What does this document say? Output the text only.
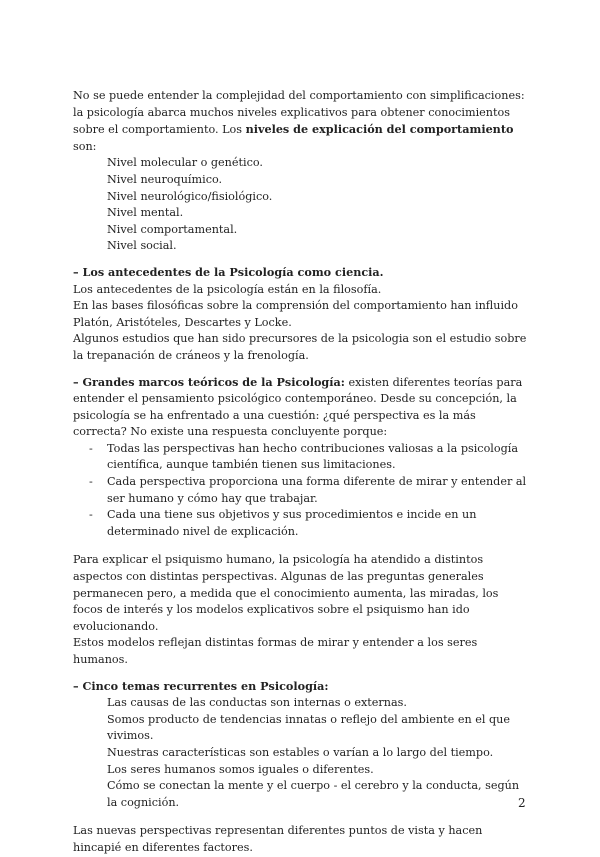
No se puede entender la complejidad del comportamiento con simplificaciones: la psicología abarca muchos niveles explicativos para obtener conocimientos sobre el comportamiento. Los niveles de explicación del comportamiento son:

Nivel molecular o genético.

Nivel neuroquímico.

Nivel neurológico/fisiológico.

Nivel mental.

Nivel comportamental.

Nivel social.

– Los antecedentes de la Psicología como ciencia.

Los antecedentes de la psicología están en la filosofía.

En las bases filosóficas sobre la comprensión del comportamiento han influido Platón, Aristóteles, Descartes y Locke.

Algunos estudios que han sido precursores de la psicologia son el estudio sobre la trepanación de cráneos y la frenología.

– Grandes marcos teóricos de la Psicología: existen diferentes teorías para entender el pensamiento psicológico contemporáneo. Desde su concepción, la psicología se ha enfrentado a una cuestión: ¿qué perspectiva es la más correcta? No existe una respuesta concluyente porque:

- Todas las perspectivas han hecho contribuciones valiosas a la psicología científica, aunque también tienen sus limitaciones.
- Cada perspectiva proporciona una forma diferente de mirar y entender al ser humano y cómo hay que trabajar.
- Cada una tiene sus objetivos y sus procedimientos e incide en un determinado nivel de explicación.

Para explicar el psiquismo humano, la psicología ha atendido a distintos aspectos con distintas perspectivas. Algunas de las preguntas generales permanecen pero, a medida que el conocimiento aumenta, las miradas, los focos de interés y los modelos explicativos sobre el psiquismo han ido evolucionando.

Estos modelos reflejan distintas formas de mirar y entender a los seres humanos.

– Cinco temas recurrentes en Psicología:

Las causas de las conductas son internas o externas.

Somos producto de tendencias innatas o reflejo del ambiente en el que vivimos.

Nuestras características son estables o varían a lo largo del tiempo.

Los seres humanos somos iguales o diferentes.

Cómo se conectan la mente y el cuerpo - el cerebro y la conducta, según la cognición.

Las nuevas perspectivas representan diferentes puntos de vista y hacen hincapié en diferentes factores.

2
